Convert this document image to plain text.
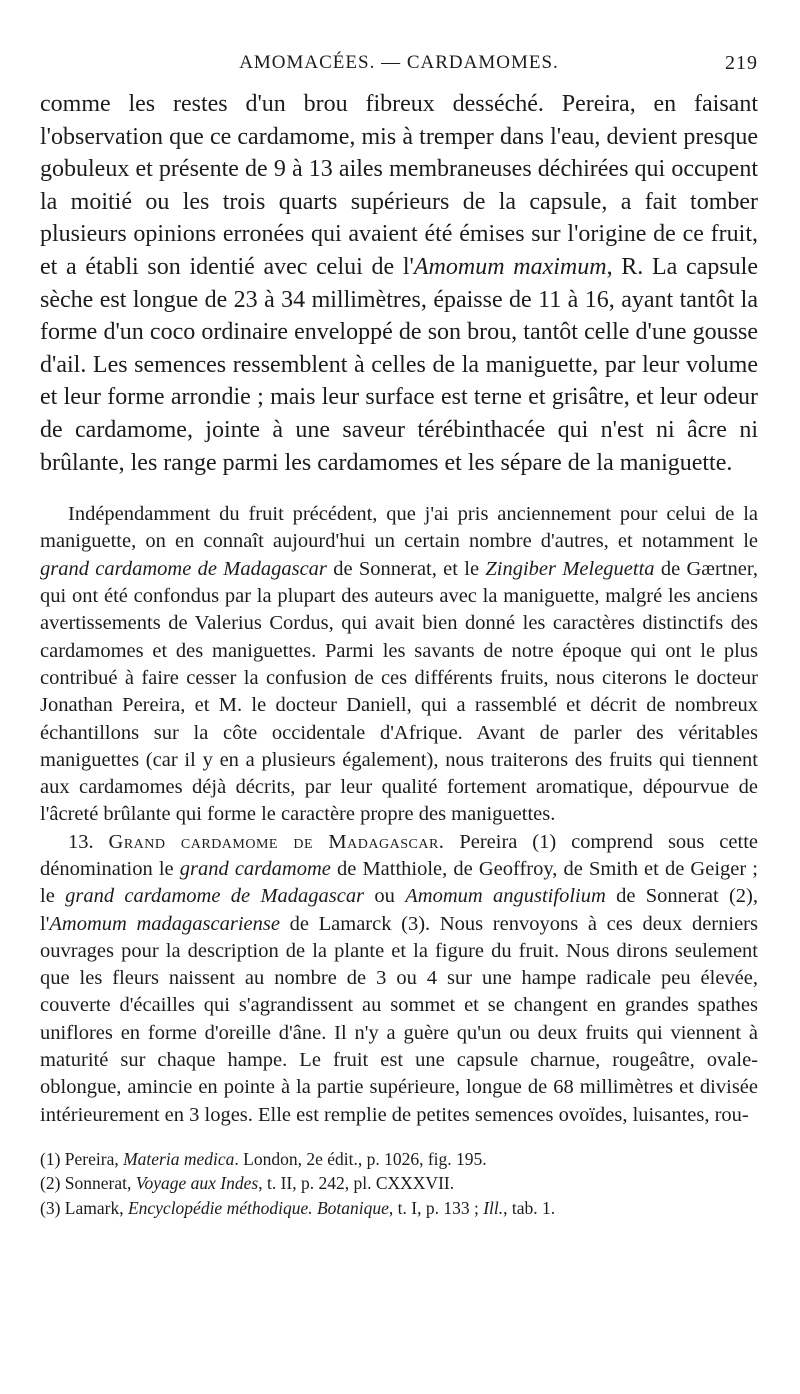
AMOMACÉES. — CARDAMOMES.	219

comme les restes d'un brou fibreux desséché. Pereira, en faisant l'observation que ce cardamome, mis à tremper dans l'eau, devient presque gobuleux et présente de 9 à 13 ailes membraneuses déchirées qui occupent la moitié ou les trois quarts supérieurs de la capsule, a fait tomber plusieurs opinions erronées qui avaient été émises sur l'origine de ce fruit, et a établi son identié avec celui de l'Amomum maximum, R. La capsule sèche est longue de 23 à 34 millimètres, épaisse de 11 à 16, ayant tantôt la forme d'un coco ordinaire enveloppé de son brou, tantôt celle d'une gousse d'ail. Les semences ressemblent à celles de la maniguette, par leur volume et leur forme arrondie ; mais leur surface est terne et grisâtre, et leur odeur de cardamome, jointe à une saveur térébinthacée qui n'est ni âcre ni brûlante, les range parmi les cardamomes et les sépare de la maniguette.

Indépendamment du fruit précédent, que j'ai pris anciennement pour celui de la maniguette, on en connaît aujourd'hui un certain nombre d'autres, et notamment le grand cardamome de Madagascar de Sonnerat, et le Zingiber Meleguetta de Gærtner, qui ont été confondus par la plupart des auteurs avec la maniguette, malgré les anciens avertissements de Valerius Cordus, qui avait bien donné les caractères distinctifs des cardamomes et des maniguettes. Parmi les savants de notre époque qui ont le plus contribué à faire cesser la confusion de ces différents fruits, nous citerons le docteur Jonathan Pereira, et M. le docteur Daniell, qui a rassemblé et décrit de nombreux échantillons sur la côte occidentale d'Afrique. Avant de parler des véritables maniguettes (car il y en a plusieurs également), nous traiterons des fruits qui tiennent aux cardamomes déjà décrits, par leur qualité fortement aromatique, dépourvue de l'âcreté brûlante qui forme le caractère propre des maniguettes.

13. Grand cardamome de Madagascar. Pereira (1) comprend sous cette dénomination le grand cardamome de Matthiole, de Geoffroy, de Smith et de Geiger ; le grand cardamome de Madagascar ou Amomum angustifolium de Sonnerat (2), l'Amomum madagascariense de Lamarck (3). Nous renvoyons à ces deux derniers ouvrages pour la description de la plante et la figure du fruit. Nous dirons seulement que les fleurs naissent au nombre de 3 ou 4 sur une hampe radicale peu élevée, couverte d'écailles qui s'agrandissent au sommet et se changent en grandes spathes uniflores en forme d'oreille d'âne. Il n'y a guère qu'un ou deux fruits qui viennent à maturité sur chaque hampe. Le fruit est une capsule charnue, rougeâtre, ovale-oblongue, amincie en pointe à la partie supérieure, longue de 68 millimètres et divisée intérieurement en 3 loges. Elle est remplie de petites semences ovoïdes, luisantes, rou-

(1) Pereira, Materia medica. London, 2e édit., p. 1026, fig. 195.
(2) Sonnerat, Voyage aux Indes, t. II, p. 242, pl. CXXXVII.
(3) Lamark, Encyclopédie méthodique. Botanique, t. I, p. 133 ; Ill., tab. 1.
